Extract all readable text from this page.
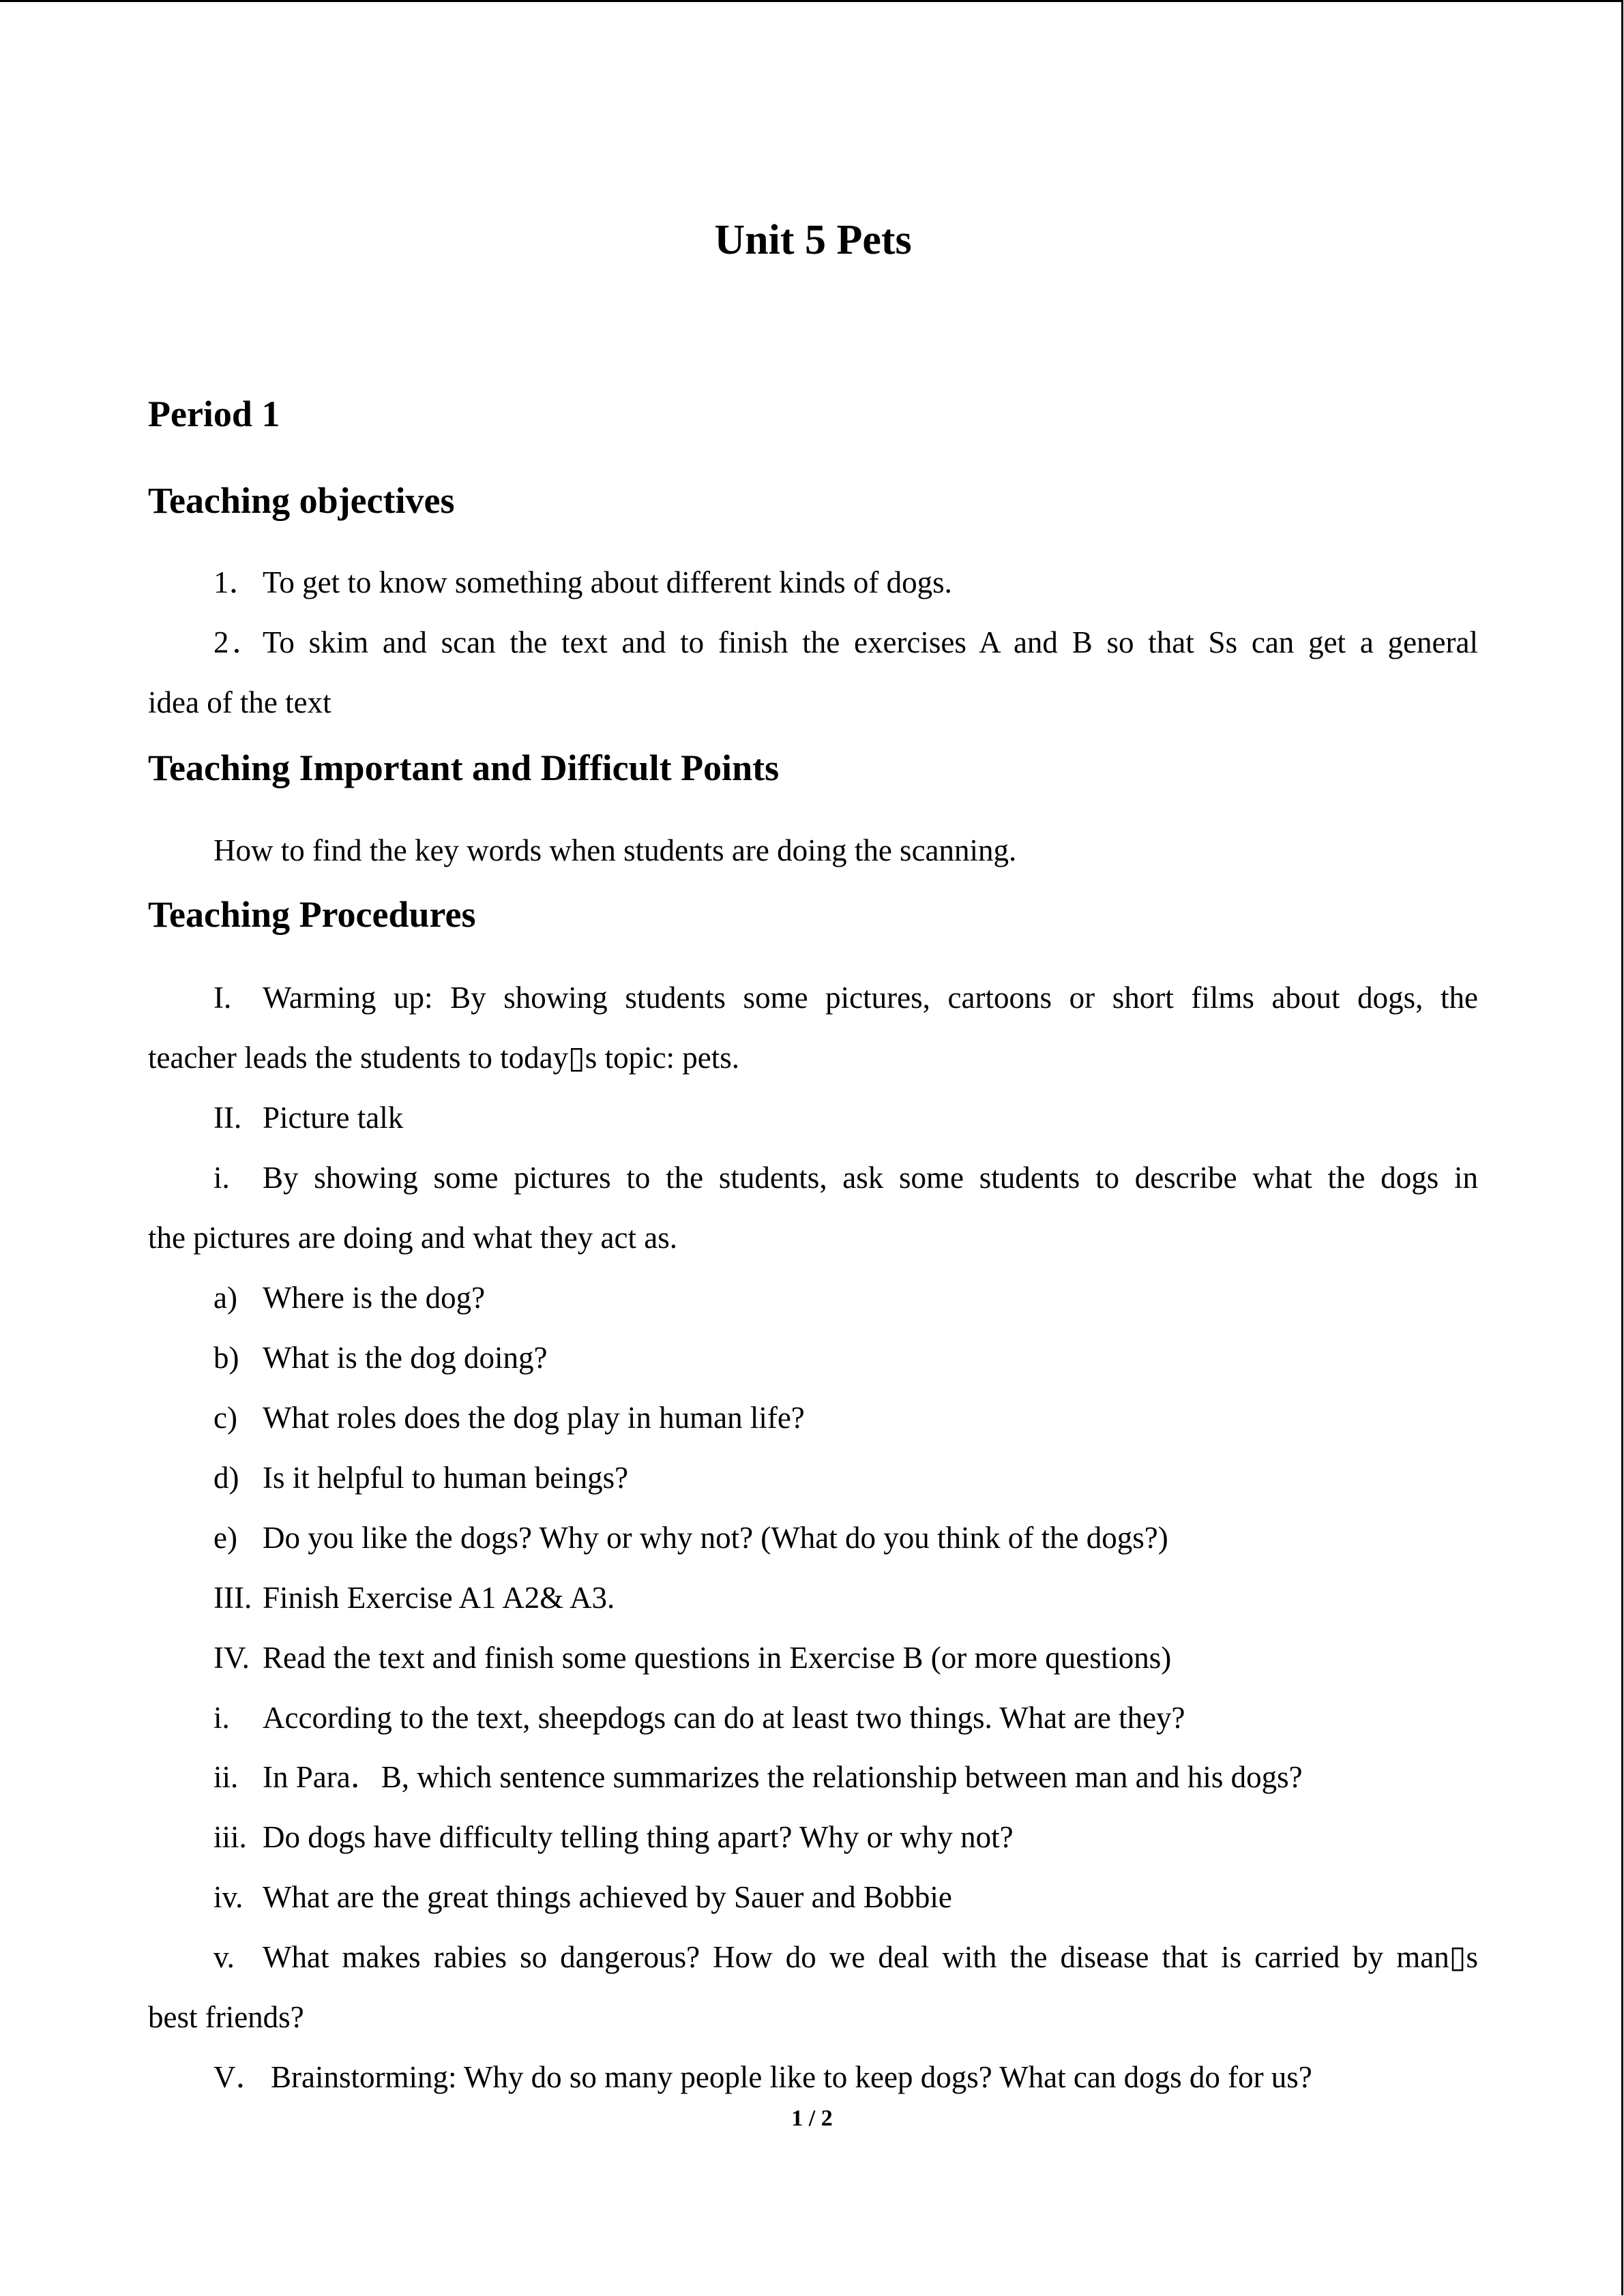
Unit 5 Pets
Period 1
Teaching objectives
1．To get to know something about different kinds of dogs.
2．To skim and scan the text and to finish the exercises A and B so that Ss can get a general
idea of the text
Teaching Important and Difficult Points
How to find the key words when students are doing the scanning.
Teaching Procedures
I. Warming up: By showing students some pictures, cartoons or short films about dogs, the
teacher leads the students to today▯s topic: pets.
II. Picture talk
i. By showing some pictures to the students, ask some students to describe what the dogs in
the pictures are doing and what they act as.
a) Where is the dog?
b) What is the dog doing?
c) What roles does the dog play in human life?
d) Is it helpful to human beings?
e) Do you like the dogs? Why or why not? (What do you think of the dogs?)
III. Finish Exercise A1 A2& A3.
IV. Read the text and finish some questions in Exercise B (or more questions)
i. According to the text, sheepdogs can do at least two things. What are they?
ii. In Para．B, which sentence summarizes the relationship between man and his dogs?
iii. Do dogs have difficulty telling thing apart? Why or why not?
iv. What are the great things achieved by Sauer and Bobbie
v. What makes rabies so dangerous? How do we deal with the disease that is carried by man▯s
best friends?
V． Brainstorming: Why do so many people like to keep dogs? What can dogs do for us?
1 / 2
